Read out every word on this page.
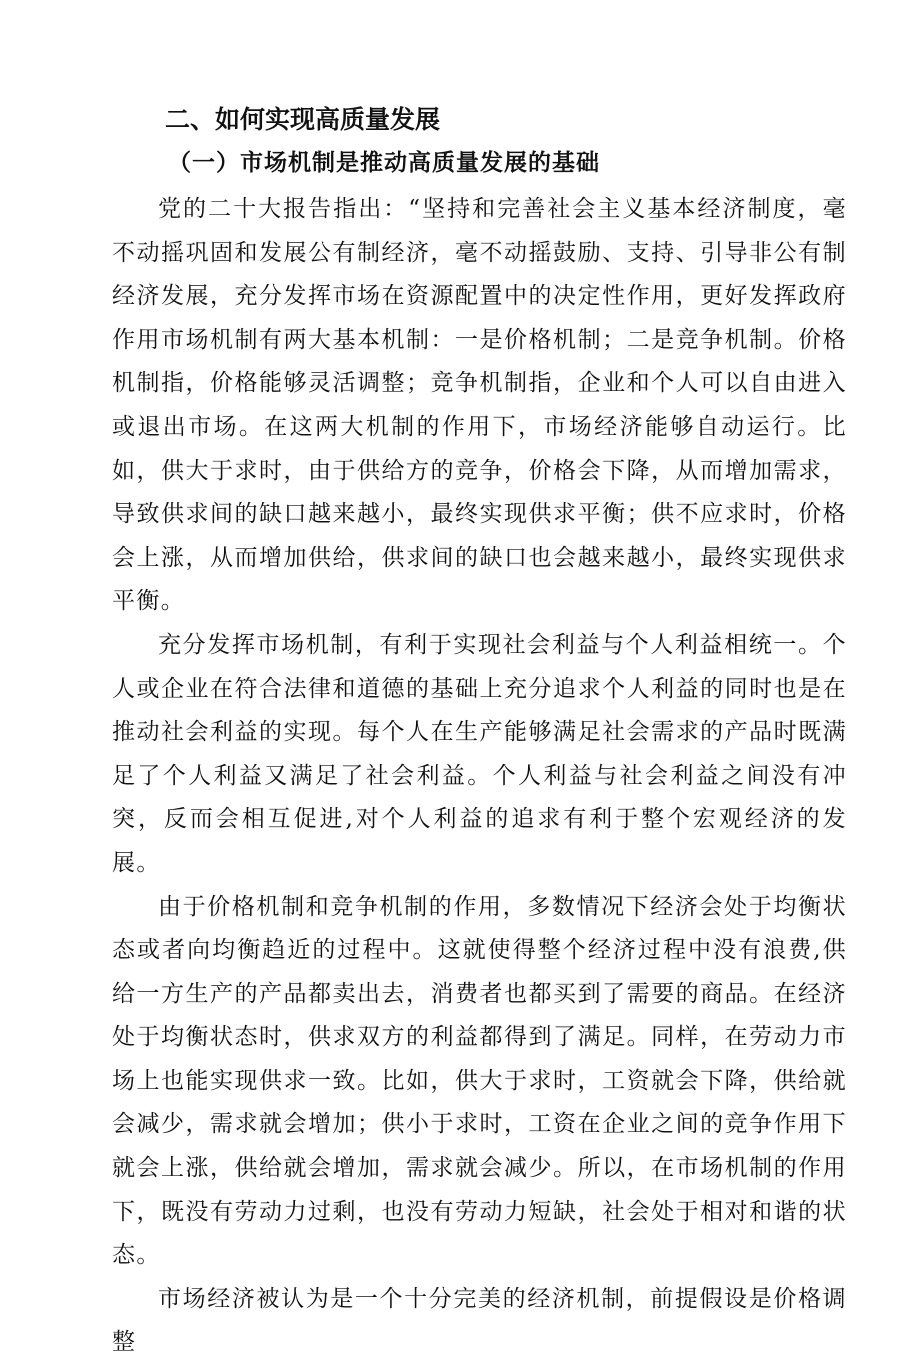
二、如何实现高质量发展
（一）市场机制是推动高质量发展的基础

党的二十大报告指出：“坚持和完善社会主义基本经济制度，毫不动摇巩固和发展公有制经济，毫不动摇鼓励、支持、引导非公有制经济发展，充分发挥市场在资源配置中的决定性作用，更好发挥政府作用市场机制有两大基本机制：一是价格机制；二是竞争机制。价格机制指，价格能够灵活调整；竞争机制指，企业和个人可以自由进入或退出市场。在这两大机制的作用下，市场经济能够自动运行。比如，供大于求时，由于供给方的竞争，价格会下降，从而增加需求，导致供求间的缺口越来越小，最终实现供求平衡；供不应求时，价格会上涨，从而增加供给，供求间的缺口也会越来越小，最终实现供求平衡。

充分发挥市场机制，有利于实现社会利益与个人利益相统一。个人或企业在符合法律和道德的基础上充分追求个人利益的同时也是在推动社会利益的实现。每个人在生产能够满足社会需求的产品时既满足了个人利益又满足了社会利益。个人利益与社会利益之间没有冲突，反而会相互促进,对个人利益的追求有利于整个宏观经济的发展。

由于价格机制和竞争机制的作用，多数情况下经济会处于均衡状态或者向均衡趋近的过程中。这就使得整个经济过程中没有浪费,供给一方生产的产品都卖出去，消费者也都买到了需要的商品。在经济处于均衡状态时，供求双方的利益都得到了满足。同样，在劳动力市场上也能实现供求一致。比如，供大于求时，工资就会下降，供给就会减少，需求就会增加；供小于求时，工资在企业之间的竞争作用下就会上涨，供给就会增加，需求就会减少。所以，在市场机制的作用下，既没有劳动力过剩，也没有劳动力短缺，社会处于相对和谐的状态。

市场经济被认为是一个十分完美的经济机制，前提假设是价格调整
